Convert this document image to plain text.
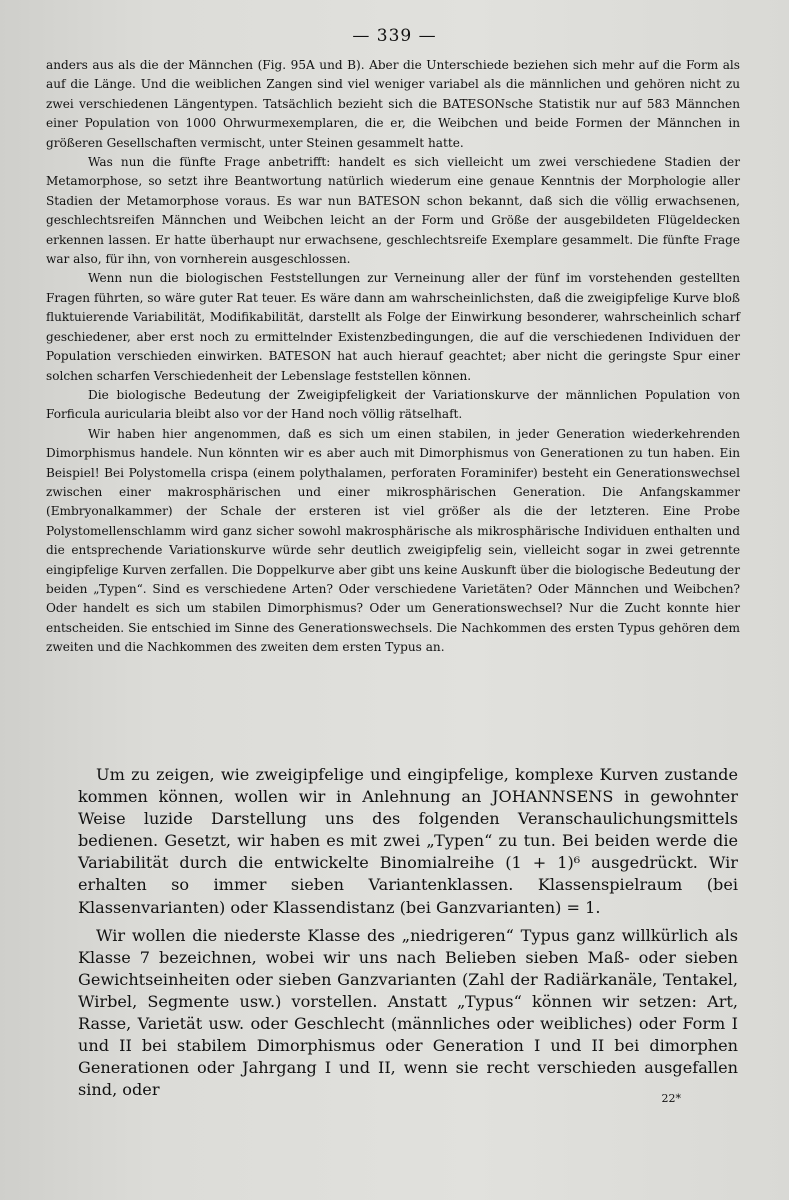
— 339 —

anders aus als die der Männchen (Fig. 95A und B). Aber die Unterschiede beziehen sich mehr auf die Form als auf die Länge. Und die weiblichen Zangen sind viel weniger variabel als die männlichen und gehören nicht zu zwei verschiedenen Längentypen. Tatsächlich bezieht sich die BATESONsche Statistik nur auf 583 Männchen einer Population von 1000 Ohrwurmexemplaren, die er, die Weibchen und beide Formen der Männchen in größeren Gesellschaften vermischt, unter Steinen gesammelt hatte.

Was nun die fünfte Frage anbetrifft: handelt es sich vielleicht um zwei verschiedene Stadien der Metamorphose, so setzt ihre Beantwortung natürlich wiederum eine genaue Kenntnis der Morphologie aller Stadien der Metamorphose voraus. Es war nun BATESON schon bekannt, daß sich die völlig erwachsenen, geschlechtsreifen Männchen und Weibchen leicht an der Form und Größe der ausgebildeten Flügeldecken erkennen lassen. Er hatte überhaupt nur erwachsene, geschlechtsreife Exemplare gesammelt. Die fünfte Frage war also, für ihn, von vornherein ausgeschlossen.

Wenn nun die biologischen Feststellungen zur Verneinung aller der fünf im vorstehenden gestellten Fragen führten, so wäre guter Rat teuer. Es wäre dann am wahrscheinlichsten, daß die zweigipfelige Kurve bloß fluktuierende Variabilität, Modifikabilität, darstellt als Folge der Einwirkung besonderer, wahrscheinlich scharf geschiedener, aber erst noch zu ermittelnder Existenzbedingungen, die auf die verschiedenen Individuen der Population verschieden einwirken. BATESON hat auch hierauf geachtet; aber nicht die geringste Spur einer solchen scharfen Verschiedenheit der Lebenslage feststellen können.

Die biologische Bedeutung der Zweigipfeligkeit der Variationskurve der männlichen Population von Forficula auricularia bleibt also vor der Hand noch völlig rätselhaft.

Wir haben hier angenommen, daß es sich um einen stabilen, in jeder Generation wiederkehrenden Dimorphismus handele. Nun könnten wir es aber auch mit Dimorphismus von Generationen zu tun haben. Ein Beispiel! Bei Polystomella crispa (einem polythalamen, perforaten Foraminifer) besteht ein Generationswechsel zwischen einer makrosphärischen und einer mikrosphärischen Generation. Die Anfangskammer (Embryonalkammer) der Schale der ersteren ist viel größer als die der letzteren. Eine Probe Polystomellenschlamm wird ganz sicher sowohl makrosphärische als mikrosphärische Individuen enthalten und die entsprechende Variationskurve würde sehr deutlich zweigipfelig sein, vielleicht sogar in zwei getrennte eingipfelige Kurven zerfallen. Die Doppelkurve aber gibt uns keine Auskunft über die biologische Bedeutung der beiden „Typen“. Sind es verschiedene Arten? Oder verschiedene Varietäten? Oder Männchen und Weibchen? Oder handelt es sich um stabilen Dimorphismus? Oder um Generationswechsel? Nur die Zucht konnte hier entscheiden. Sie entschied im Sinne des Generationswechsels. Die Nachkommen des ersten Typus gehören dem zweiten und die Nachkommen des zweiten dem ersten Typus an.

Um zu zeigen, wie zweigipfelige und eingipfelige, komplexe Kurven zustande kommen können, wollen wir in Anlehnung an JOHANNSENS in gewohnter Weise luzide Darstellung uns des folgenden Veranschaulichungsmittels bedienen. Gesetzt, wir haben es mit zwei „Typen“ zu tun. Bei beiden werde die Variabilität durch die entwickelte Binomialreihe (1 + 1)⁶ ausgedrückt. Wir erhalten so immer sieben Variantenklassen. Klassenspielraum (bei Klassenvarianten) oder Klassendistanz (bei Ganzvarianten) = 1.

Wir wollen die niederste Klasse des „niedrigeren“ Typus ganz willkürlich als Klasse 7 bezeichnen, wobei wir uns nach Belieben sieben Maß- oder sieben Gewichtseinheiten oder sieben Ganzvarianten (Zahl der Radiärkanäle, Tentakel, Wirbel, Segmente usw.) vorstellen. Anstatt „Typus“ können wir setzen: Art, Rasse, Varietät usw. oder Geschlecht (männliches oder weibliches) oder Form I und II bei stabilem Dimorphismus oder Generation I und II bei dimorphen Generationen oder Jahrgang I und II, wenn sie recht verschieden ausgefallen sind, oder	22*
